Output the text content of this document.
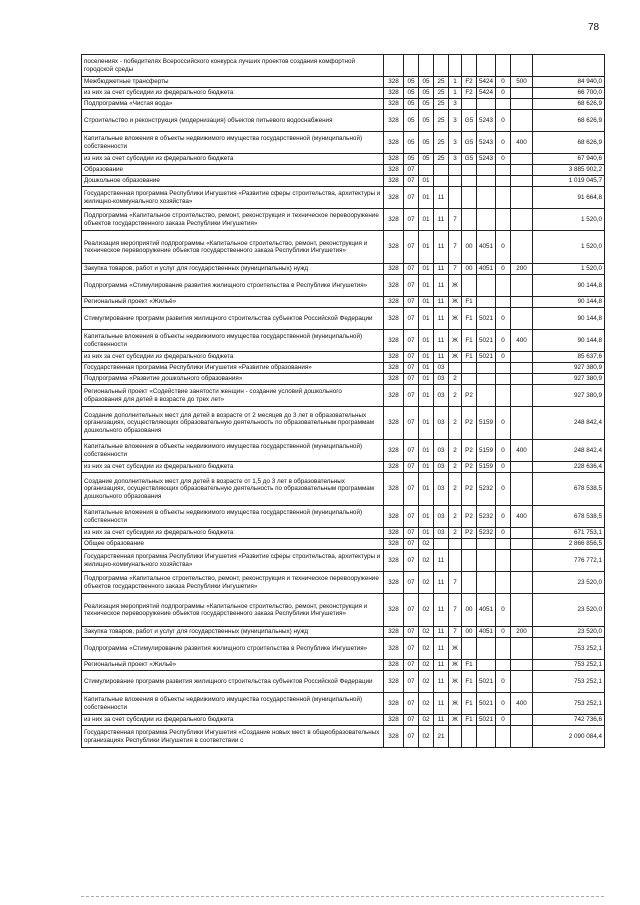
78
поселениях - победителях Всероссийского конкурса лучших проектов создания комфортной городской среды										
Межбюджетные трансферты	328	05	05	25	1	F2	5424	0	500	84 940,0
из них за счет субсидии из федерального бюджета	328	05	05	25	1	F2	5424	0		66 700,0
Подпрограмма «Чистая вода»	328	05	05	25	3					68 626,9
Строительство и реконструкция (модернизация) объектов питьевого водоснабжения	328	05	05	25	3	G5	5243	0		68 626,9
Капитальные вложения в объекты недвижимого имущества государственной (муниципальной) собственности	328	05	05	25	3	G5	5243	0	400	68 626,9
из них за счет субсидии из федерального бюджета	328	05	05	25	3	G5	5243	0		67 940,6
Образование	328	07								3 885 902,2
Дошкольное образование	328	07	01							1 019 045,7
Государственная программа Республики Ингушетия «Развитие сферы строительства, архитектуры и жилищно-коммунального хозяйства»	328	07	01	11						91 664,8
Подпрограмма «Капитальное строительство, ремонт, реконструкция и техническое перевооружение объектов государственного заказа Республики Ингушетия»	328	07	01	11	7					1 520,0
Реализация мероприятий подпрограммы «Капитальное строительство, ремонт, реконструкция и техническое перевооружение объектов государственного заказа Республики Ингушетия»	328	07	01	11	7	00	4051	0		1 520,0
Закупка товаров, работ и услуг для государственных (муниципальных) нужд	328	07	01	11	7	00	4051	0	200	1 520,0
Подпрограмма «Стимулирование развития жилищного строительства в Республике Ингушетия»	328	07	01	11	Ж					90 144,8
Региональный проект «Жильё»	328	07	01	11	Ж	F1				90 144,8
Стимулирование программ развития жилищного строительства субъектов Российской Федерации	328	07	01	11	Ж	F1	5021	0		90 144,8
Капитальные вложения в объекты недвижимого имущества государственной (муниципальной) собственности	328	07	01	11	Ж	F1	5021	0	400	90 144,8
из них за счет субсидии из федерального бюджета	328	07	01	11	Ж	F1	5021	0		85 637,6
Государственная программа Республики Ингушетия «Развитие образования»	328	07	01	03						927 380,9
Подпрограмма «Развитие дошкольного образования»	328	07	01	03	2					927 380,9
Региональный проект «Содействие занятости женщин - создание условий дошкольного образования для детей в возрасте до трех лет»	328	07	01	03	2	P2				927 380,9
Создание дополнительных мест для детей в возрасте от 2 месяцев до 3 лет в образовательных организациях, осуществляющих образовательную деятельность по образовательным программам дошкольного образования	328	07	01	03	2	P2	5159	0		248 842,4
Капитальные вложения в объекты недвижимого имущества государственной (муниципальной) собственности	328	07	01	03	2	P2	5159	0	400	248 842,4
из них за счет субсидии из федерального бюджета	328	07	01	03	2	P2	5159	0		228 636,4
Создание дополнительных мест для детей в возрасте от 1,5 до 3 лет в образовательных организациях, осуществляющих образовательную деятельность по образовательным программам дошкольного образования	328	07	01	03	2	P2	5232	0		678 538,5
Капитальные вложения в объекты недвижимого имущества государственной (муниципальной) собственности	328	07	01	03	2	P2	5232	0	400	678 538,5
из них за счет субсидии из федерального бюджета	328	07	01	03	2	P2	5232	0		671 753,1
Общее образование	328	07	02							2 866 856,5
Государственная программа Республики Ингушетия «Развитие сферы строительства, архитектуры и жилищно-коммунального хозяйства»	328	07	02	11						776 772,1
Подпрограмма «Капитальное строительство, ремонт, реконструкция и техническое перевооружение объектов государственного заказа Республики Ингушетия»	328	07	02	11	7					23 520,0
Реализация мероприятий подпрограммы «Капитальное строительство, ремонт, реконструкция и техническое перевооружение объектов государственного заказа Республики Ингушетия»	328	07	02	11	7	00	4051	0		23 520,0
Закупка товаров, работ и услуг для государственных (муниципальных) нужд	328	07	02	11	7	00	4051	0	200	23 520,0
Подпрограмма «Стимулирование развития жилищного строительства в Республике Ингушетия»	328	07	02	11	Ж					753 252,1
Региональный проект «Жильё»	328	07	02	11	Ж	F1				753 252,1
Стимулирование программ развития жилищного строительства субъектов Российской Федерации	328	07	02	11	Ж	F1	5021	0		753 252,1
Капитальные вложения в объекты недвижимого имущества государственной (муниципальной) собственности	328	07	02	11	Ж	F1	5021	0	400	753 252,1
из них за счет субсидии из федерального бюджета	328	07	02	11	Ж	F1	5021	0		742 736,6
Государственная программа Республики Ингушетия «Создание новых мест в общеобразовательных организациях Республики Ингушетия в соответствии с	328	07	02	21						2 090 084,4
